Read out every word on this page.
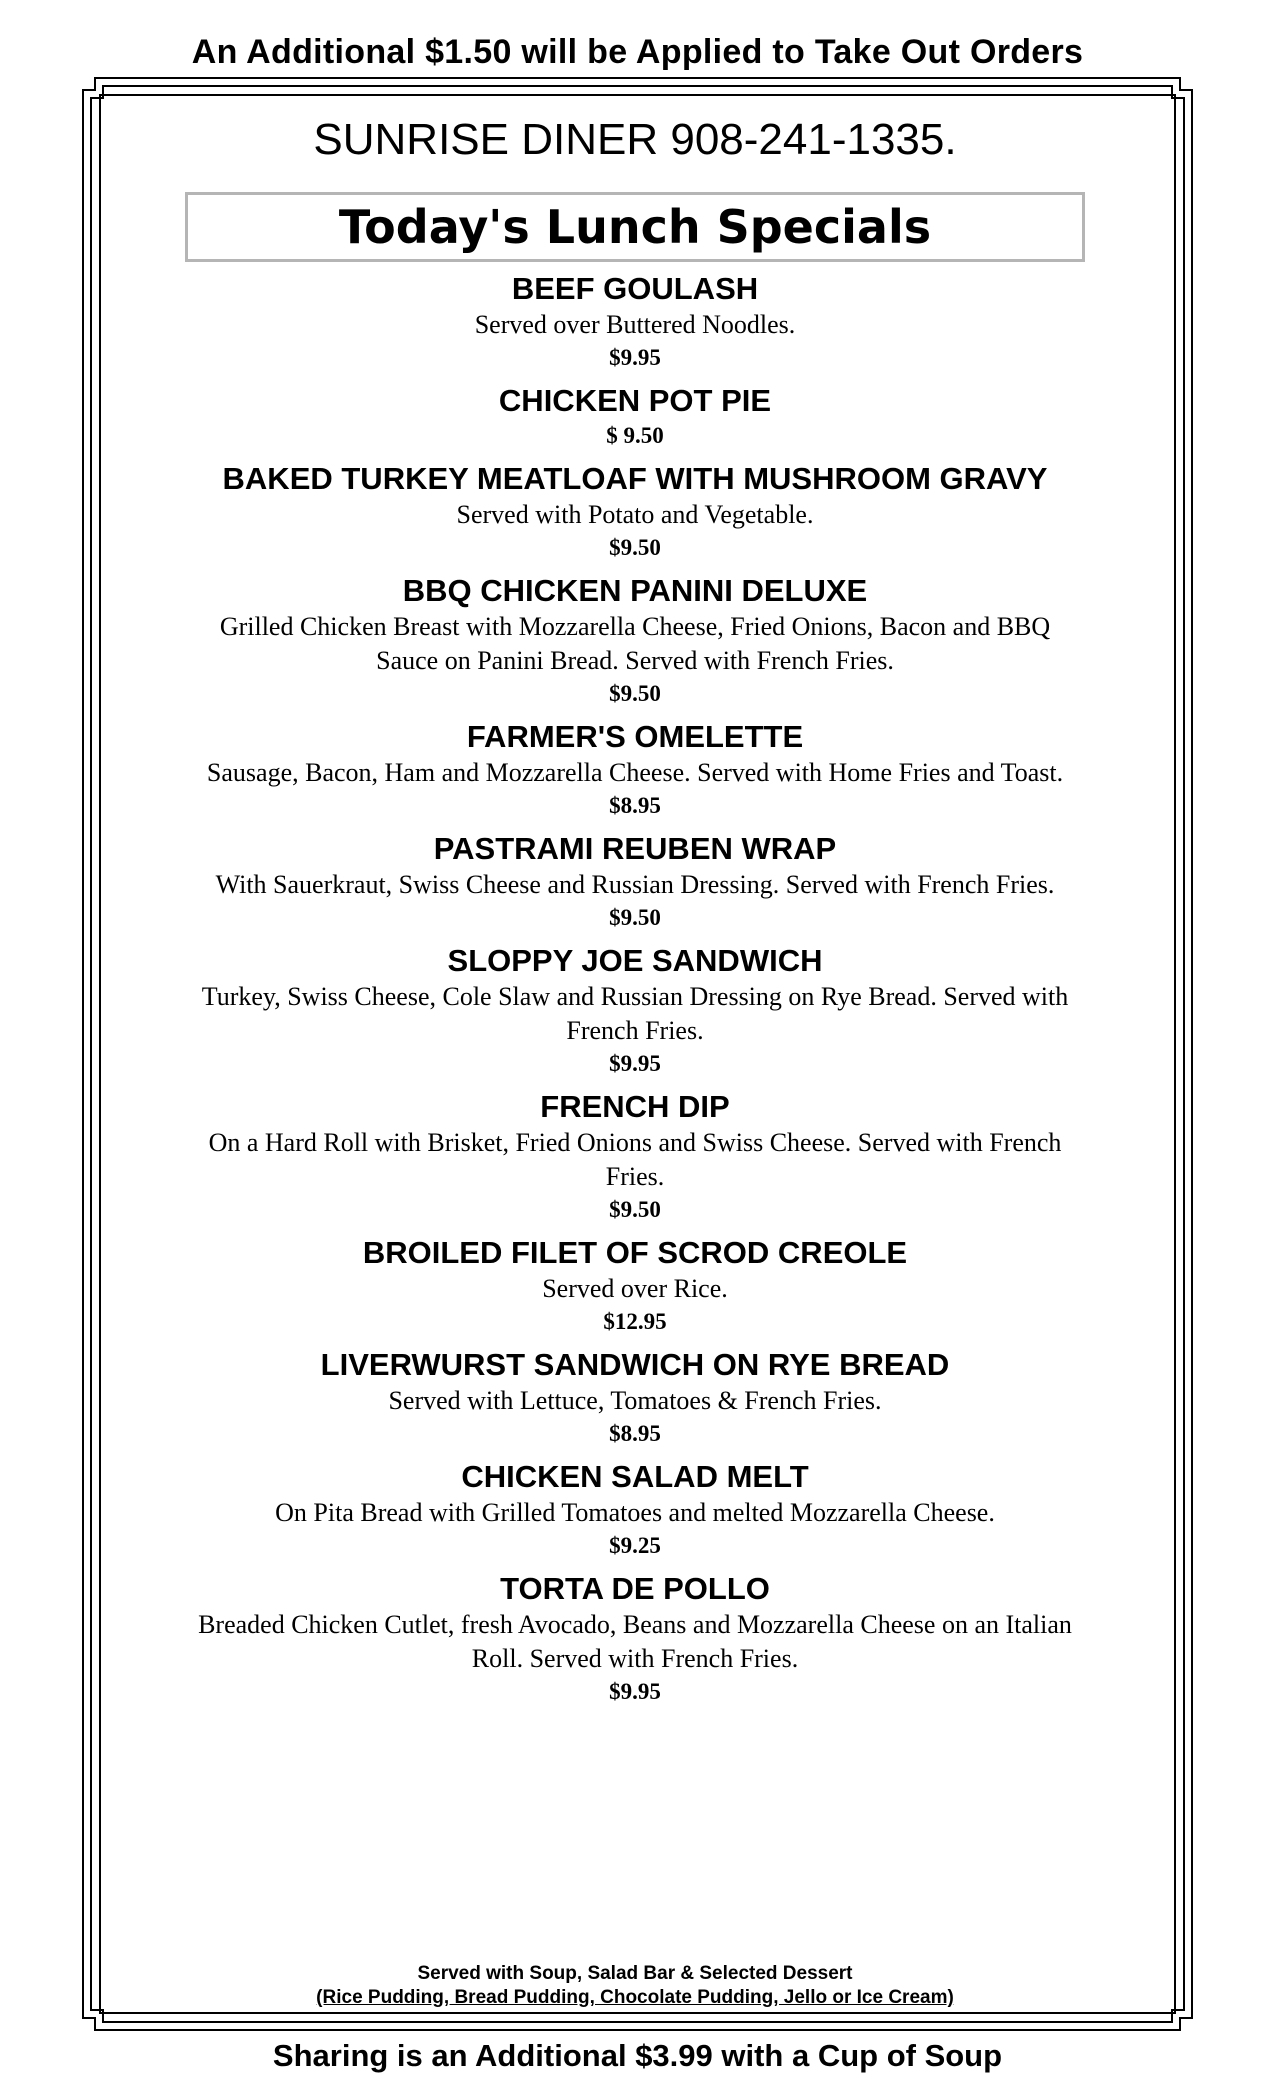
An Additional $1.50 will be Applied to Take Out Orders
SUNRISE DINER 908-241-1335.
Today's Lunch Specials
BEEF GOULASH
Served over Buttered Noodles.
$9.95
CHICKEN POT PIE
$ 9.50
BAKED TURKEY MEATLOAF WITH MUSHROOM GRAVY
Served with Potato and Vegetable.
$9.50
BBQ CHICKEN PANINI DELUXE
Grilled Chicken Breast with Mozzarella Cheese, Fried Onions, Bacon and BBQ Sauce on Panini Bread. Served with French Fries.
$9.50
FARMER'S OMELETTE
Sausage, Bacon, Ham and Mozzarella Cheese. Served with Home Fries and Toast.
$8.95
PASTRAMI REUBEN WRAP
With Sauerkraut, Swiss Cheese and Russian Dressing. Served with French Fries.
$9.50
SLOPPY JOE SANDWICH
Turkey, Swiss Cheese, Cole Slaw and Russian Dressing on Rye Bread. Served with French Fries.
$9.95
FRENCH DIP
On a Hard Roll with Brisket, Fried Onions and Swiss Cheese. Served with French Fries.
$9.50
BROILED FILET OF SCROD CREOLE
Served over Rice.
$12.95
LIVERWURST SANDWICH ON RYE BREAD
Served with Lettuce, Tomatoes & French Fries.
$8.95
CHICKEN SALAD MELT
On Pita Bread with Grilled Tomatoes and melted Mozzarella Cheese.
$9.25
TORTA DE POLLO
Breaded Chicken Cutlet, fresh Avocado, Beans and Mozzarella Cheese on an Italian Roll. Served with French Fries.
$9.95
Served with Soup, Salad Bar & Selected Dessert
(Rice Pudding, Bread Pudding, Chocolate Pudding, Jello or Ice Cream)
Sharing is an Additional $3.99 with a Cup of Soup
